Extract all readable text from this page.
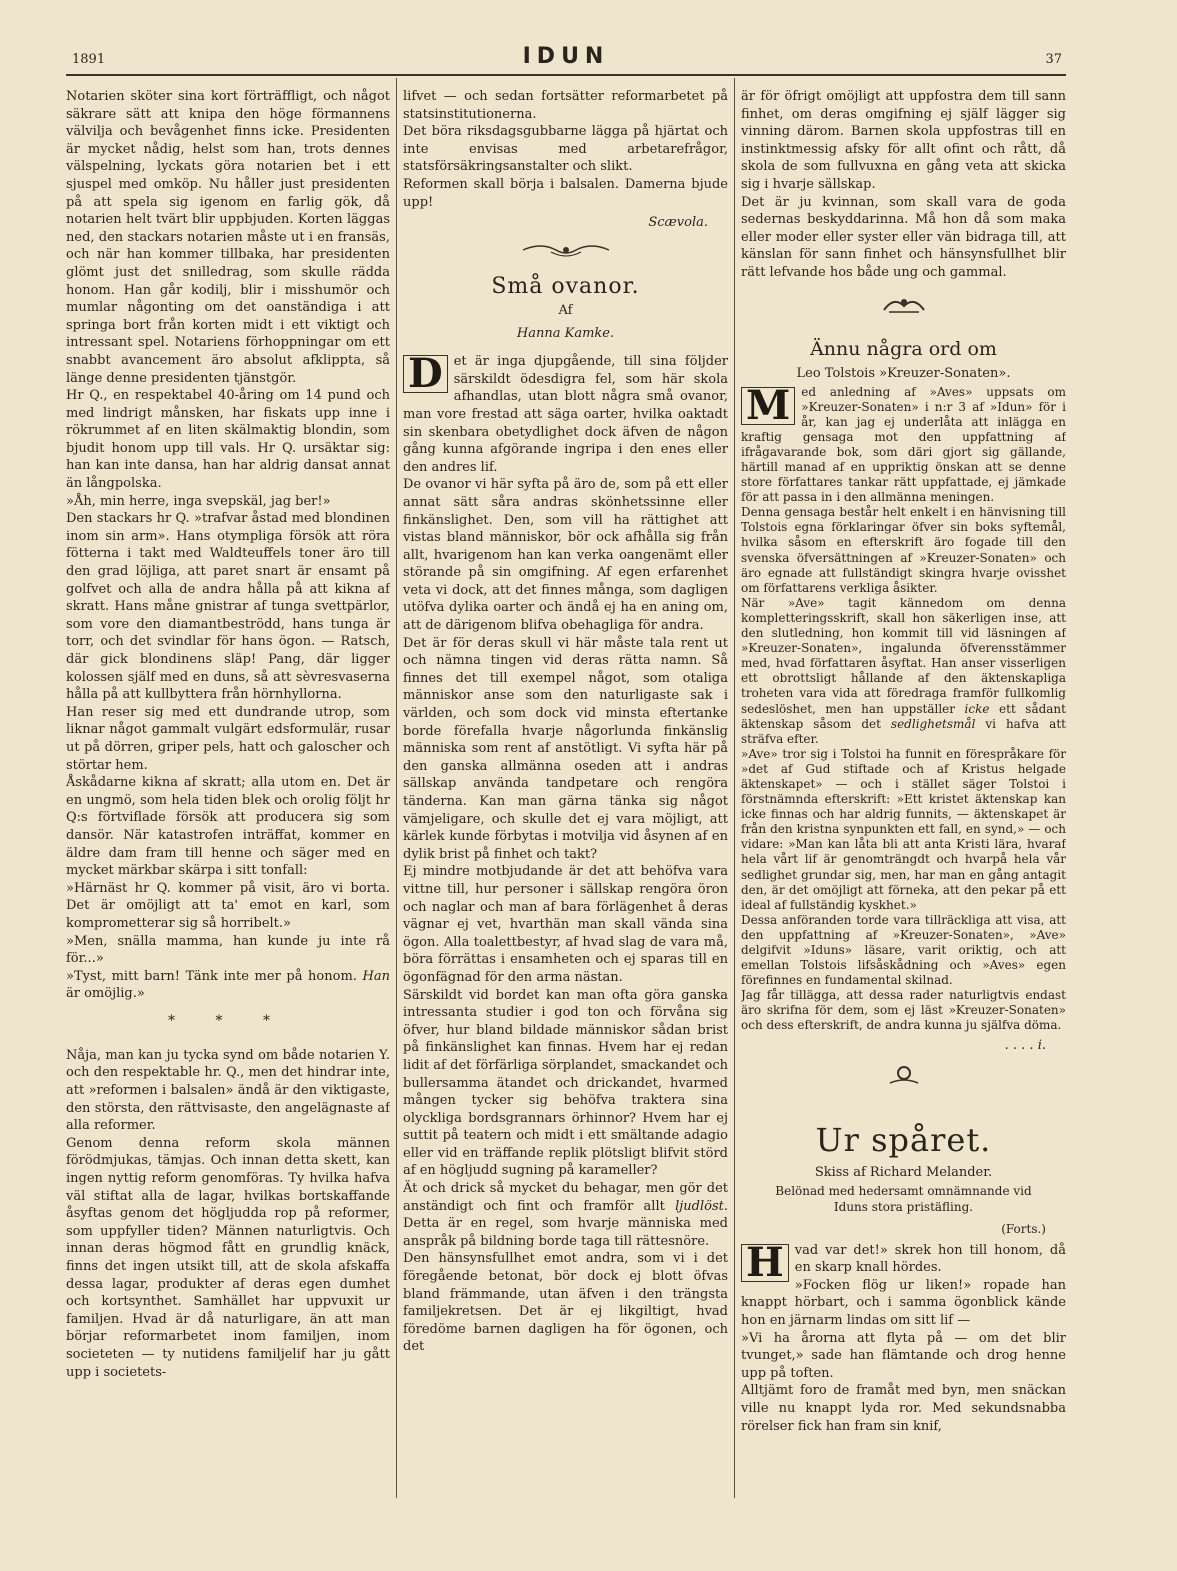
1891	IDUN	37

Notarien sköter sina kort förträffligt, och något säkrare sätt att knipa den höge förmannens välvilja och bevågenhet finns icke. Presidenten är mycket nådig, helst som han, trots dennes välspelning, lyckats göra notarien bet i ett sjuspel med omköp. Nu håller just presidenten på att spela sig igenom en farlig gök, då notarien helt tvärt blir uppbjuden. Korten läggas ned, den stackars notarien måste ut i en fransäs, och när han kommer tillbaka, har presidenten glömt just det snilledrag, som skulle rädda honom. Han går kodilj, blir i misshumör och mumlar någonting om det oanständiga i att springa bort från korten midt i ett viktigt och intressant spel. Notariens förhoppningar om ett snabbt avancement äro absolut afklippta, så länge denne presidenten tjänstgör.
Hr Q., en respektabel 40-åring om 14 pund och med lindrigt månsken, har fiskats upp inne i rökrummet af en liten skälmaktig blondin, som bjudit honom upp till vals. Hr Q. ursäktar sig: han kan inte dansa, han har aldrig dansat annat än långpolska.
»Åh, min herre, inga svepskäl, jag ber!»
Den stackars hr Q. »trafvar åstad med blondinen inom sin arm». Hans otympliga försök att röra fötterna i takt med Waldteuffels toner äro till den grad löjliga, att paret snart är ensamt på golfvet och alla de andra hålla på att kikna af skratt. Hans måne gnistrar af tunga svettpärlor, som vore den diamantbeströdd, hans tunga är torr, och det svindlar för hans ögon. — Ratsch, där gick blondinens släp! Pang, där ligger kolossen själf med en duns, så att sèvresvaserna hålla på att kullbyttera från hörnhyllorna.
Han reser sig med ett dundrande utrop, som liknar något gammalt vulgärt edsformulär, rusar ut på dörren, griper pels, hatt och galoscher och störtar hem.
Åskådarne kikna af skratt; alla utom en. Det är en ungmö, som hela tiden blek och orolig följt hr Q:s förtviflade försök att producera sig som dansör. När katastrofen inträffat, kommer en äldre dam fram till henne och säger med en mycket märkbar skärpa i sitt tonfall:
»Härnäst hr Q. kommer på visit, äro vi borta. Det är omöjligt att ta' emot en karl, som komprometterar sig så horribelt.»
»Men, snälla mamma, han kunde ju inte rå för...»
»Tyst, mitt barn! Tänk inte mer på honom. Han är omöjlig.»

* * *

Nåja, man kan ju tycka synd om både notarien Y. och den respektable hr. Q., men det hindrar inte, att »reformen i balsalen» ändå är den viktigaste, den största, den rättvisaste, den angelägnaste af alla reformer.
Genom denna reform skola männen förödmjukas, tämjas. Och innan detta skett, kan ingen nyttig reform genomföras. Ty hvilka hafva väl stiftat alla de lagar, hvilkas bortskaffande åsyftas genom det högljudda rop på reformer, som uppfyller tiden? Männen naturligtvis. Och innan deras högmod fått en grundlig knäck, finns det ingen utsikt till, att de skola afskaffa dessa lagar, produkter af deras egen dumhet och kortsynthet. Samhället har uppvuxit ur familjen. Hvad är då naturligare, än att man börjar reformarbetet inom familjen, inom societeten — ty nutidens familjelif har ju gått upp i societets-

lifvet — och sedan fortsätter reformarbetet på statsinstitutionerna.
Det böra riksdagsgubbarne lägga på hjärtat och inte envisas med arbetarefrågor, statsförsäkringsanstalter och slikt.
Reformen skall börja i balsalen. Damerna bjude upp!

Scævola.
Små ovanor.
Af
Hanna Kamke.

D et är inga djupgående, till sina följder särskildt ödesdigra fel, som här skola afhandlas, utan blott några små ovanor, man vore frestad att säga oarter, hvilka oaktadt sin skenbara obetydlighet dock äfven de någon gång kunna afgörande ingripa i den enes eller den andres lif.
De ovanor vi här syfta på äro de, som på ett eller annat sätt såra andras skönhetssinne eller finkänslighet. Den, som vill ha rättighet att vistas bland människor, bör ock afhålla sig från allt, hvarigenom han kan verka oangenämt eller störande på sin omgifning. Af egen erfarenhet veta vi dock, att det finnes många, som dagligen utöfva dylika oarter och ändå ej ha en aning om, att de därigenom blifva obehagliga för andra.
Det är för deras skull vi här måste tala rent ut och nämna tingen vid deras rätta namn. Så finnes det till exempel något, som otaliga människor anse som den naturligaste sak i världen, och som dock vid minsta eftertanke borde förefalla hvarje någorlunda finkänslig människa som rent af anstötligt. Vi syfta här på den ganska allmänna oseden att i andras sällskap använda tandpetare och rengöra tänderna. Kan man gärna tänka sig något vämjeligare, och skulle det ej vara möjligt, att kärlek kunde förbytas i motvilja vid åsynen af en dylik brist på finhet och takt?
Ej mindre motbjudande är det att behöfva vara vittne till, hur personer i sällskap rengöra öron och naglar och man af bara förlägenhet å deras vägnar ej vet, hvarthän man skall vända sina ögon. Alla toalettbestyr, af hvad slag de vara må, böra förrättas i ensamheten och ej sparas till en ögonfägnad för den arma nästan.
Särskildt vid bordet kan man ofta göra ganska intressanta studier i god ton och förvåna sig öfver, hur bland bildade människor sådan brist på finkänslighet kan finnas. Hvem har ej redan lidit af det förfärliga sörplandet, smackandet och bullersamma ätandet och drickandet, hvarmed mången tycker sig behöfva traktera sina olyckliga bordsgrannars örhinnor? Hvem har ej suttit på teatern och midt i ett smältande adagio eller vid en träffande replik plötsligt blifvit störd af en högljudd sugning på karameller?
Ät och drick så mycket du behagar, men gör det anständigt och fint och framför allt ljudlöst. Detta är en regel, som hvarje människa med anspråk på bildning borde taga till rättesnöre.
Den hänsynsfullhet emot andra, som vi i det föregående betonat, bör dock ej blott öfvas bland främmande, utan äfven i den trängsta familjekretsen. Det är ej likgiltigt, hvad föredöme barnen dagligen ha för ögonen, och det

är för öfrigt omöjligt att uppfostra dem till sann finhet, om deras omgifning ej själf lägger sig vinning därom. Barnen skola uppfostras till en instinktmessig afsky för allt ofint och rått, då skola de som fullvuxna en gång veta att skicka sig i hvarje sällskap.
Det är ju kvinnan, som skall vara de goda sedernas beskyddarinna. Må hon då som maka eller moder eller syster eller vän bidraga till, att känslan för sann finhet och hänsynsfullhet blir rätt lefvande hos både ung och gammal.

Ännu några ord om
Leo Tolstois »Kreuzer-Sonaten».

M ed anledning af »Aves» uppsats om »Kreuzer-Sonaten» i n:r 3 af »Idun» för i år, kan jag ej underlåta att inlägga en kraftig gensaga mot den uppfattning af ifrågavarande bok, som däri gjort sig gällande, härtill manad af en uppriktig önskan att se denne store författares tankar rätt uppfattade, ej jämkade för att passa in i den allmänna meningen.
Denna gensaga består helt enkelt i en hänvisning till Tolstois egna förklaringar öfver sin boks syftemål, hvilka såsom en efterskrift äro fogade till den svenska öfversättningen af »Kreuzer-Sonaten» och äro egnade att fullständigt skingra hvarje ovisshet om författarens verkliga åsikter.
När »Ave» tagit kännedom om denna kompletteringsskrift, skall hon säkerligen inse, att den slutledning, hon kommit till vid läsningen af »Kreuzer-Sonaten», ingalunda öfverensstämmer med, hvad författaren åsyftat. Han anser visserligen ett obrottsligt hållande af den äktenskapliga troheten vara vida att föredraga framför fullkomlig sedeslöshet, men han uppställer icke ett sådant äktenskap såsom det sedlighetsmål vi hafva att sträfva efter.
»Ave» tror sig i Tolstoi ha funnit en förespråkare för »det af Gud stiftade och af Kristus helgade äktenskapet» — och i stället säger Tolstoi i förstnämnda efterskrift: »Ett kristet äktenskap kan icke finnas och har aldrig funnits, — äktenskapet är från den kristna synpunkten ett fall, en synd,» — och vidare: »Man kan låta bli att anta Kristi lära, hvaraf hela vårt lif är genomträngdt och hvarpå hela vår sedlighet grundar sig, men, har man en gång antagit den, är det omöjligt att förneka, att den pekar på ett ideal af fullständig kyskhet.»
Dessa anföranden torde vara tillräckliga att visa, att den uppfattning af »Kreuzer-Sonaten», »Ave» delgifvit »Iduns» läsare, varit oriktig, och att emellan Tolstois lifsåskådning och »Aves» egen förefinnes en fundamental skilnad.
Jag får tillägga, att dessa rader naturligtvis endast äro skrifna för dem, som ej läst »Kreuzer-Sonaten» och dess efterskrift, de andra kunna ju själfva döma.

. . . . i.
Ur spåret.
Skiss af Richard Melander.
Belönad med hedersamt omnämnande vid
Iduns stora pristäfling.
(Forts.)

H vad var det!» skrek hon till honom, då en skarp knall hördes.
»Focken flög ur liken!» ropade han knappt hörbart, och i samma ögonblick kände hon en järnarm lindas om sitt lif —
»Vi ha årorna att flyta på — om det blir tvunget,» sade han flämtande och drog henne upp på toften.
Alltjämt foro de framåt med byn, men snäckan ville nu knappt lyda ror. Med sekundsnabba rörelser fick han fram sin knif,
